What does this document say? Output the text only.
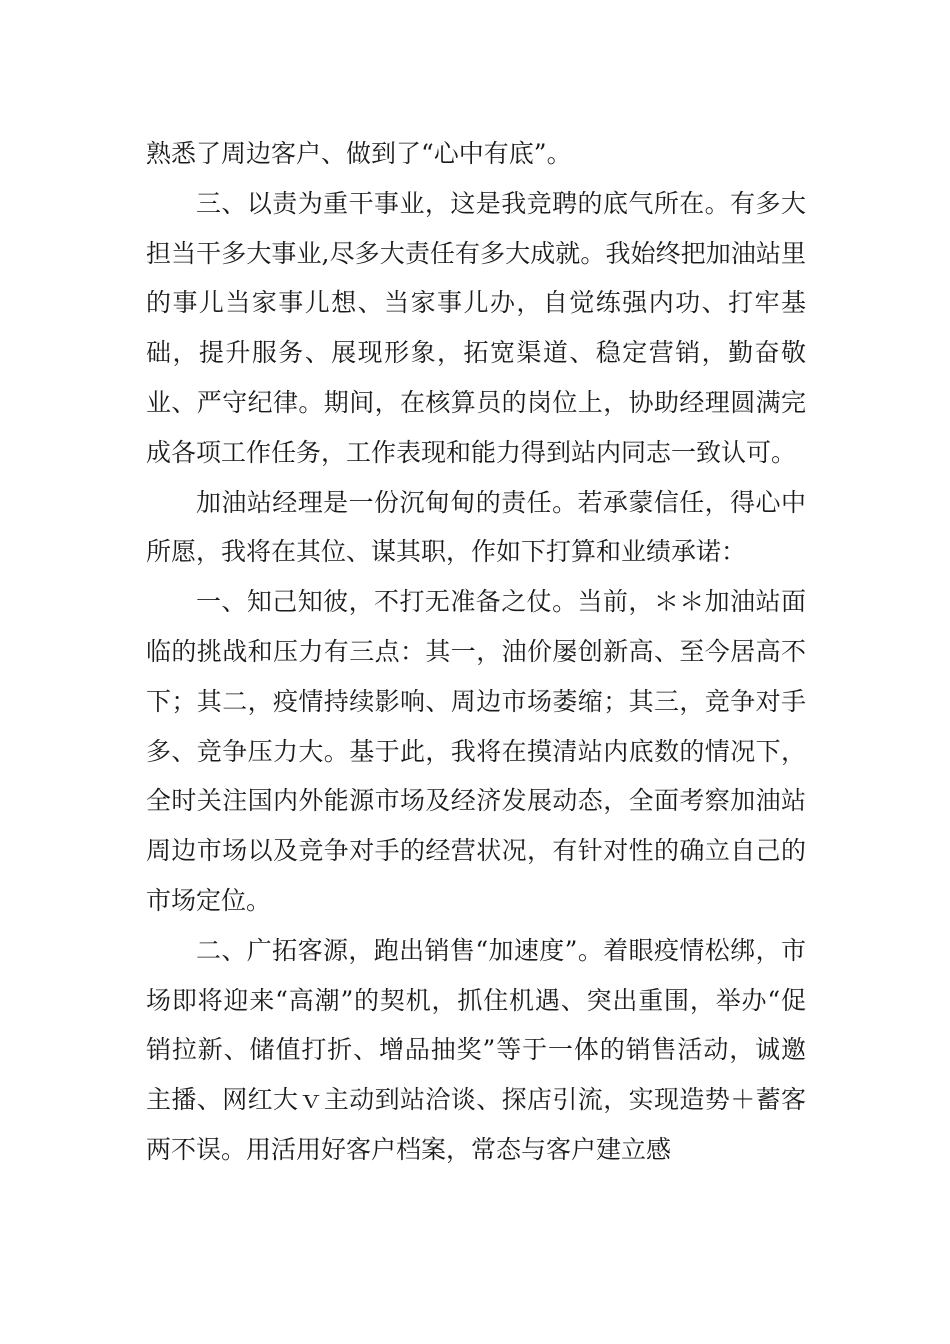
熟悉了周边客户、做到了“心中有底”。

三、以责为重干事业，这是我竞聘的底气所在。有多大担当干多大事业,尽多大责任有多大成就。我始终把加油站里的事儿当家事儿想、当家事儿办，自觉练强内功、打牢基础，提升服务、展现形象，拓宽渠道、稳定营销，勤奋敬业、严守纪律。期间，在核算员的岗位上，协助经理圆满完成各项工作任务，工作表现和能力得到站内同志一致认可。

加油站经理是一份沉甸甸的责任。若承蒙信任，得心中所愿，我将在其位、谋其职，作如下打算和业绩承诺：

一、知己知彼，不打无准备之仗。当前，＊＊加油站面临的挑战和压力有三点：其一，油价屡创新高、至今居高不下；其二，疫情持续影响、周边市场萎缩；其三，竞争对手多、竞争压力大。基于此，我将在摸清站内底数的情况下，全时关注国内外能源市场及经济发展动态，全面考察加油站周边市场以及竞争对手的经营状况，有针对性的确立自己的市场定位。

二、广拓客源，跑出销售“加速度”。着眼疫情松绑，市场即将迎来“高潮”的契机，抓住机遇、突出重围，举办“促销拉新、储值打折、增品抽奖”等于一体的销售活动，诚邀主播、网红大ｖ主动到站洽谈、探店引流，实现造势＋蓄客两不误。用活用好客户档案，常态与客户建立感
